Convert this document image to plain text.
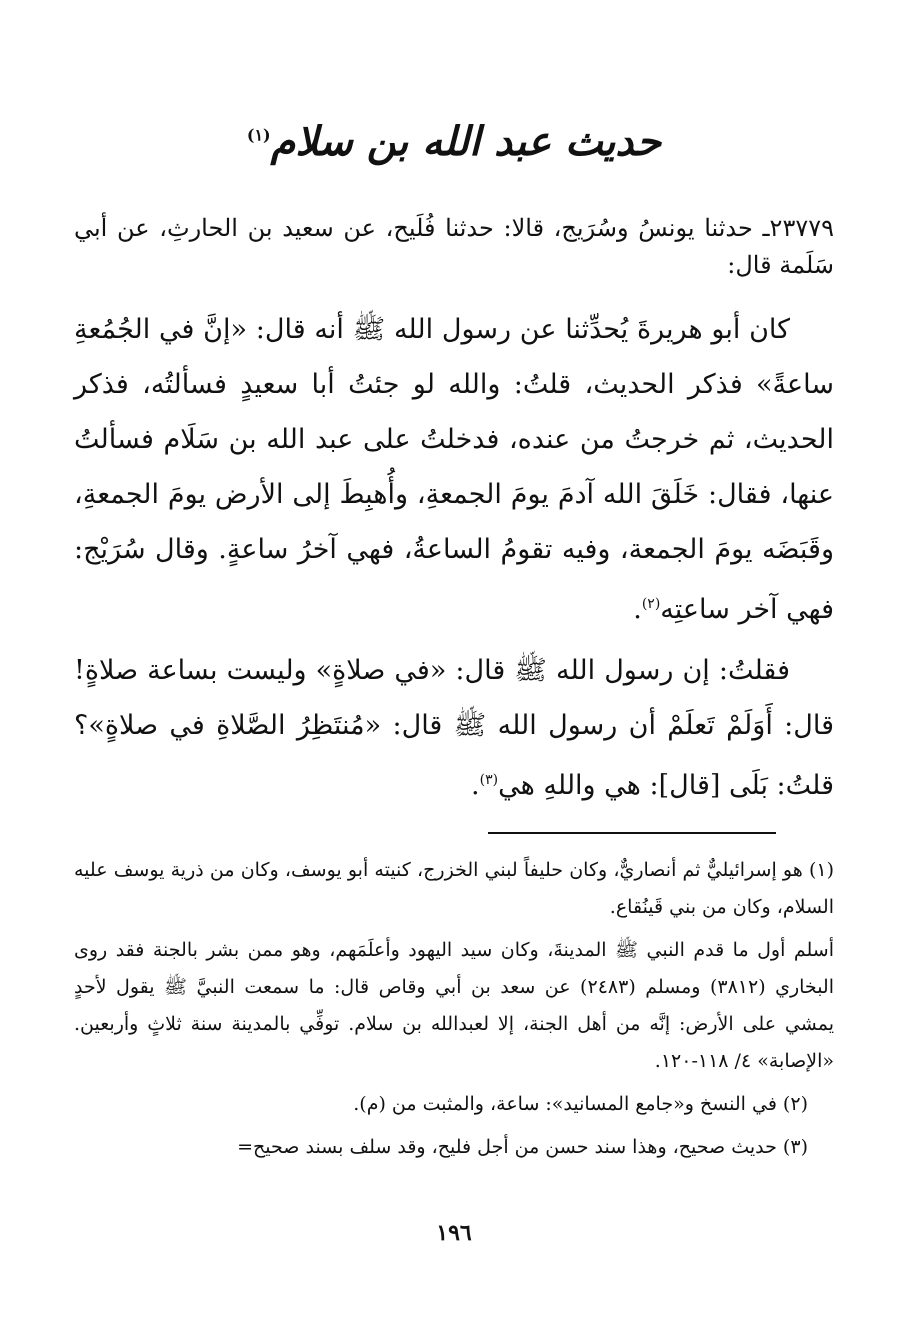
حديث عبد الله بن سلام$^{(١)}$

٢٣٧٧٩ـ حدثنا يونسُ وسُرَيج، قالا: حدثنا فُلَيح، عن سعيد بن الحارثِ، عن أبي سَلَمة قال:

كان أبو هريرةَ يُحدِّثنا عن رسول الله ﷺ أنه قال: «إنَّ في الجُمُعةِ ساعةً» فذكر الحديث، قلتُ: والله لو جئتُ أبا سعيدٍ فسألتُه، فذكر الحديث، ثم خرجتُ من عنده، فدخلتُ على عبد الله بن سَلَام فسألتُ عنها، فقال: خَلَقَ الله آدمَ يومَ الجمعةِ، وأُهبِطَ إلى الأرض يومَ الجمعةِ، وقَبَضَه يومَ الجمعة، وفيه تقومُ الساعةُ، فهي آخرُ ساعةٍ. وقال سُرَيْج: فهي آخر ساعتِه$^{(٢)}$.

فقلتُ: إن رسول الله ﷺ قال: «في صلاةٍ» وليست بساعة صلاةٍ! قال: أَوَلَمْ تَعلَمْ أن رسول الله ﷺ قال: «مُنتَظِرُ الصَّلاةِ في صلاةٍ»؟ قلتُ: بَلَى [قال]: هي واللهِ هي$^{(٣)}$.

(١) هو إسرائيليٌّ ثم أنصاريٌّ، وكان حليفاً لبني الخزرج، كنيته أبو يوسف، وكان من ذرية يوسف عليه السلام، وكان من بني قَينُقاع.

أسلم أول ما قدم النبي ﷺ المدينةَ، وكان سيد اليهود وأعلَمَهم، وهو ممن بشر بالجنة فقد روى البخاري (٣٨١٢) ومسلم (٢٤٨٣) عن سعد بن أبي وقاص قال: ما سمعت النبيَّ ﷺ يقول لأحدٍ يمشي على الأرض: إنَّه من أهل الجنة، إلا لعبدالله بن سلام. توفِّي بالمدينة سنة ثلاثٍ وأربعين. «الإصابة» ٤/ ١١٨-١٢٠.

(٢) في النسخ و«جامع المسانيد»: ساعة، والمثبت من (م).

(٣) حديث صحيح، وهذا سند حسن من أجل فليح، وقد سلف بسند صحيح=

١٩٦
